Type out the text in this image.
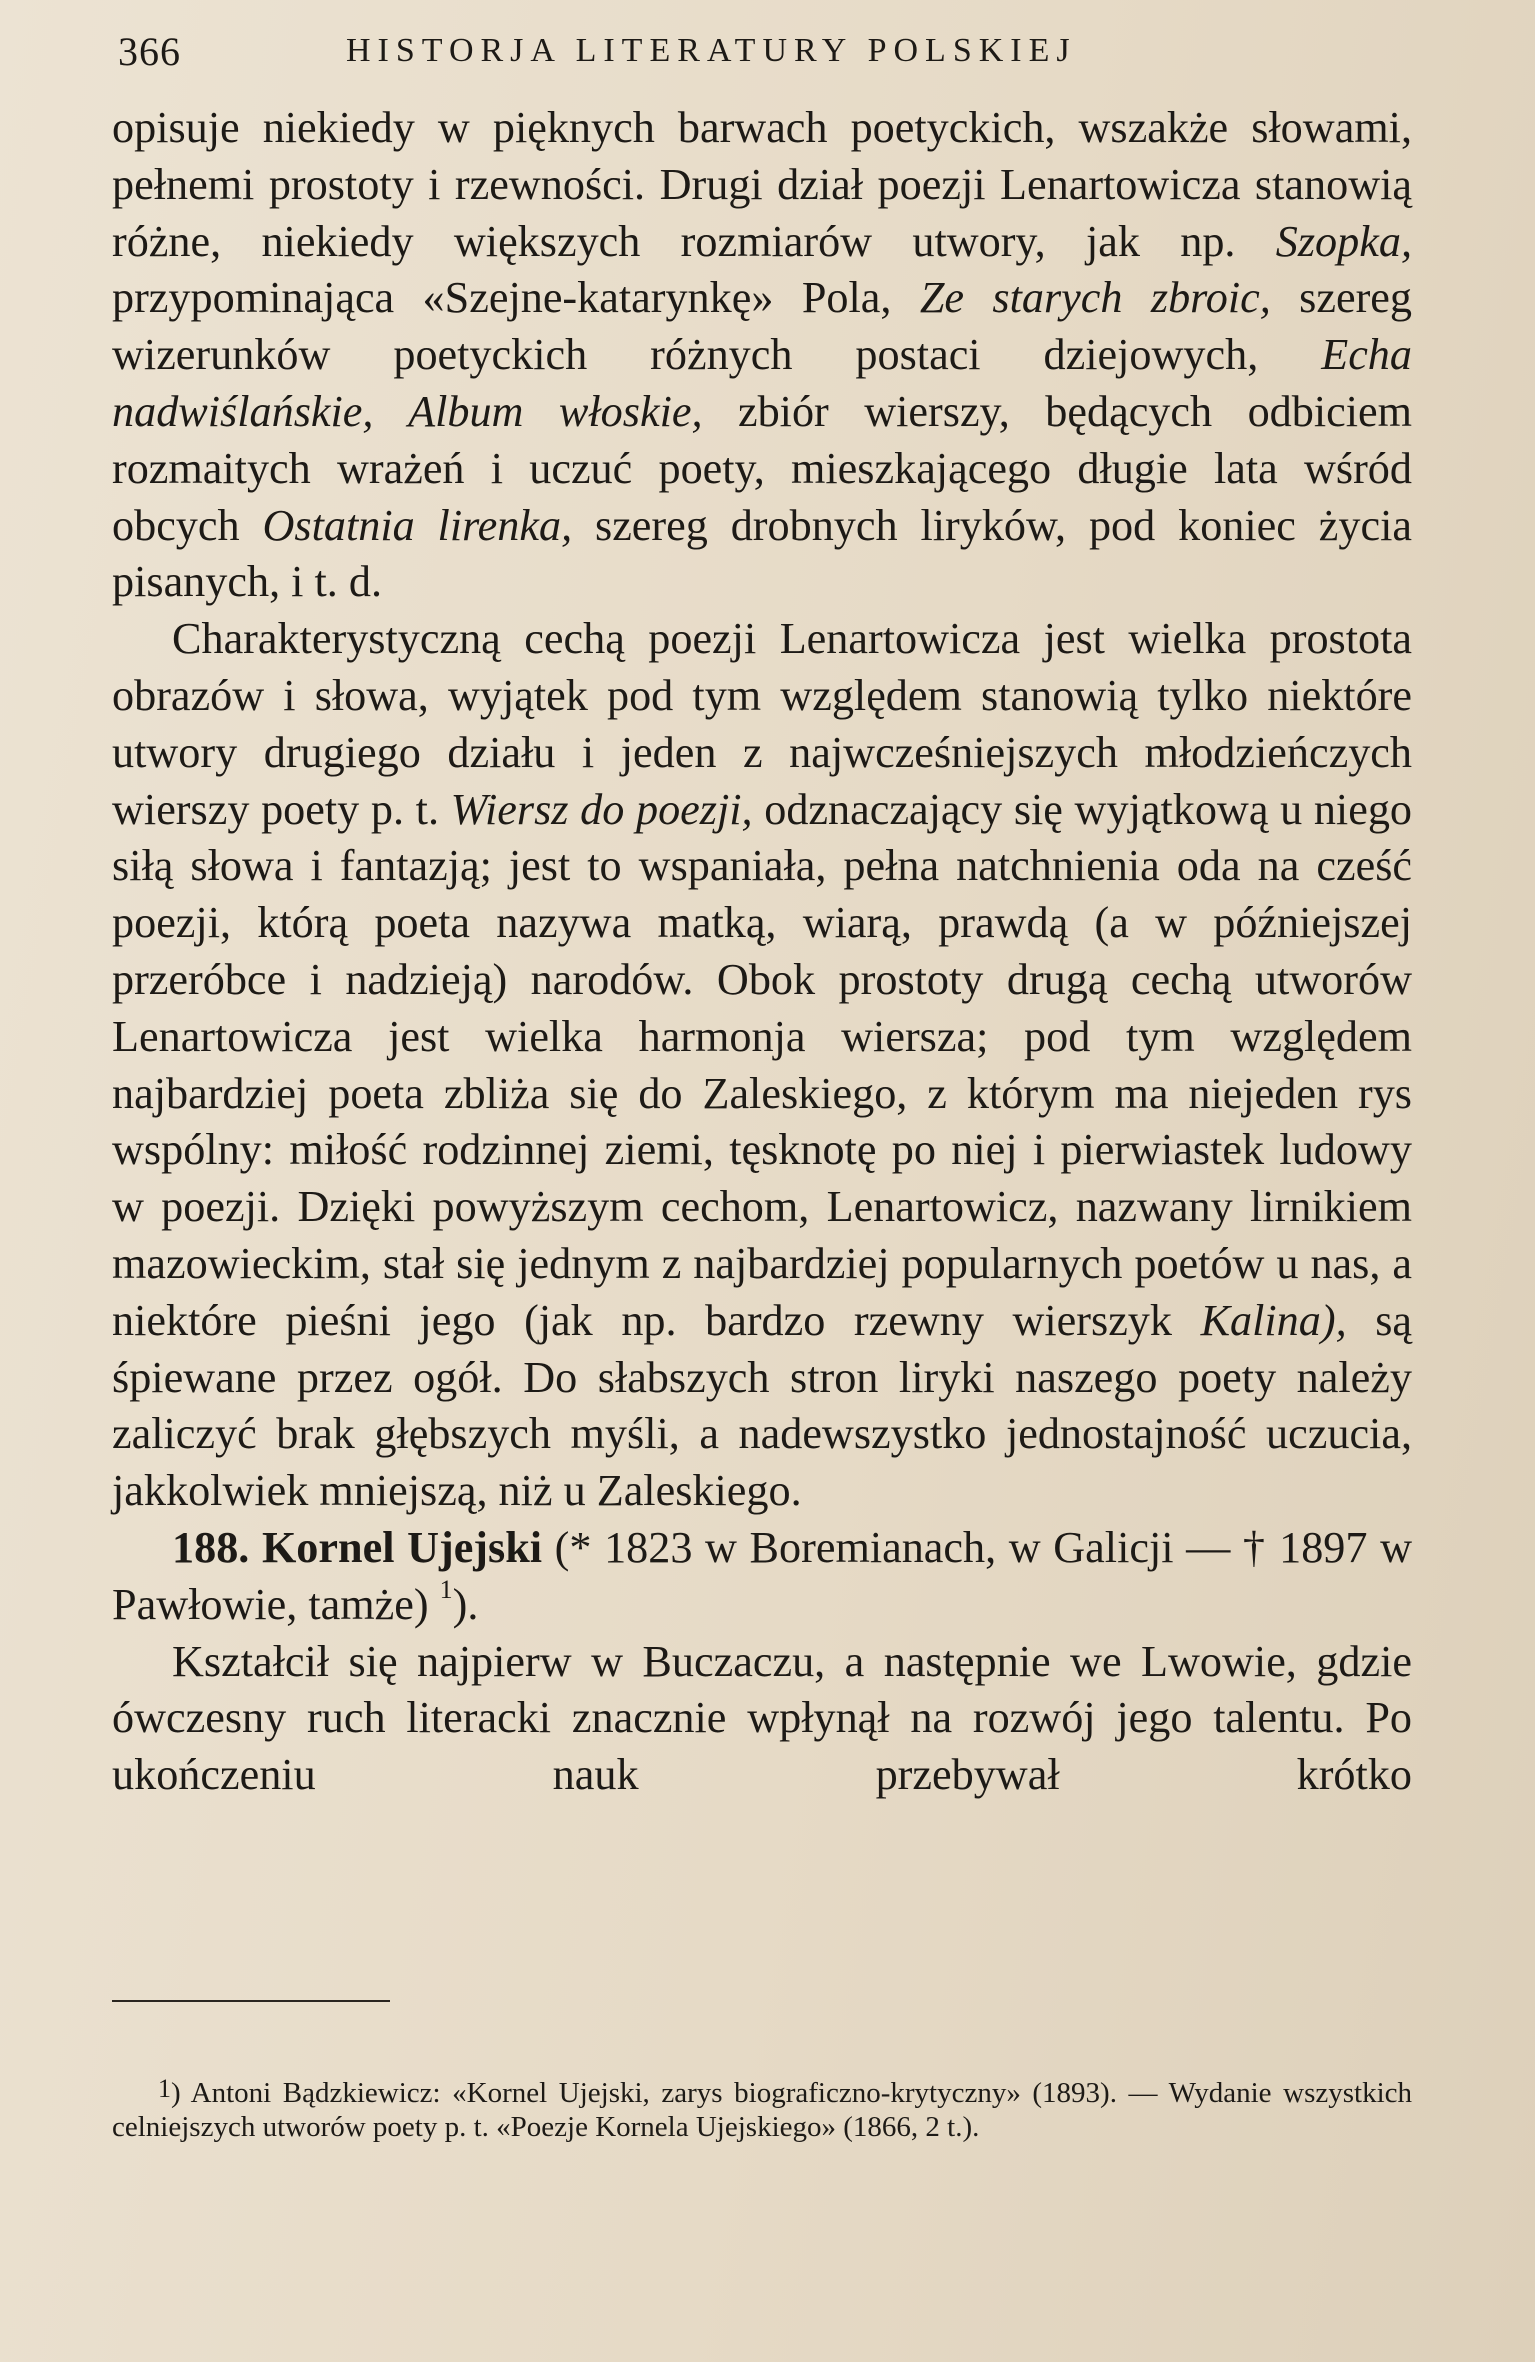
366	HISTORJA LITERATURY POLSKIEJ

opisuje niekiedy w pięknych barwach poetyckich, wszakże słowami, pełnemi prostoty i rzewności. Drugi dział poezji Lenartowicza stanowią różne, niekiedy większych rozmiarów utwory, jak np. Szopka, przypominająca «Szejne-katarynkę» Pola, Ze starych zbroic, szereg wizerunków poetyckich różnych postaci dziejowych, Echa nadwiślańskie, Album włoskie, zbiór wierszy, będących odbiciem rozmaitych wrażeń i uczuć poety, mieszkającego długie lata wśród obcych Ostatnia lirenka, szereg drobnych liryków, pod koniec życia pisanych, i t. d.

Charakterystyczną cechą poezji Lenartowicza jest wielka prostota obrazów i słowa, wyjątek pod tym względem stanowią tylko niektóre utwory drugiego działu i jeden z najwcześniejszych młodzieńczych wierszy poety p. t. Wiersz do poezji, odznaczający się wyjątkową u niego siłą słowa i fantazją; jest to wspaniała, pełna natchnienia oda na cześć poezji, którą poeta nazywa matką, wiarą, prawdą (a w późniejszej przeróbce i nadzieją) narodów. Obok prostoty drugą cechą utworów Lenartowicza jest wielka harmonja wiersza; pod tym względem najbardziej poeta zbliża się do Zaleskiego, z którym ma niejeden rys wspólny: miłość rodzinnej ziemi, tęsknotę po niej i pierwiastek ludowy w poezji. Dzięki powyższym cechom, Lenartowicz, nazwany lirnikiem mazowieckim, stał się jednym z najbardziej popularnych poetów u nas, a niektóre pieśni jego (jak np. bardzo rzewny wierszyk Kalina), są śpiewane przez ogół. Do słabszych stron liryki naszego poety należy zaliczyć brak głębszych myśli, a nadewszystko jednostajność uczucia, jakkolwiek mniejszą, niż u Zaleskiego.

188. Kornel Ujejski (* 1823 w Boremianach, w Galicji — † 1897 w Pawłowie, tamże) $^1$).

Kształcił się najpierw w Buczaczu, a następnie we Lwowie, gdzie ówczesny ruch literacki znacznie wpłynął na rozwój jego talentu. Po ukończeniu nauk przebywał krótko

1) Antoni Bądzkiewicz: «Kornel Ujejski, zarys biograficzno-krytyczny» (1893). — Wydanie wszystkich celniejszych utworów poety p. t. «Poezje Kornela Ujejskiego» (1866, 2 t.).
